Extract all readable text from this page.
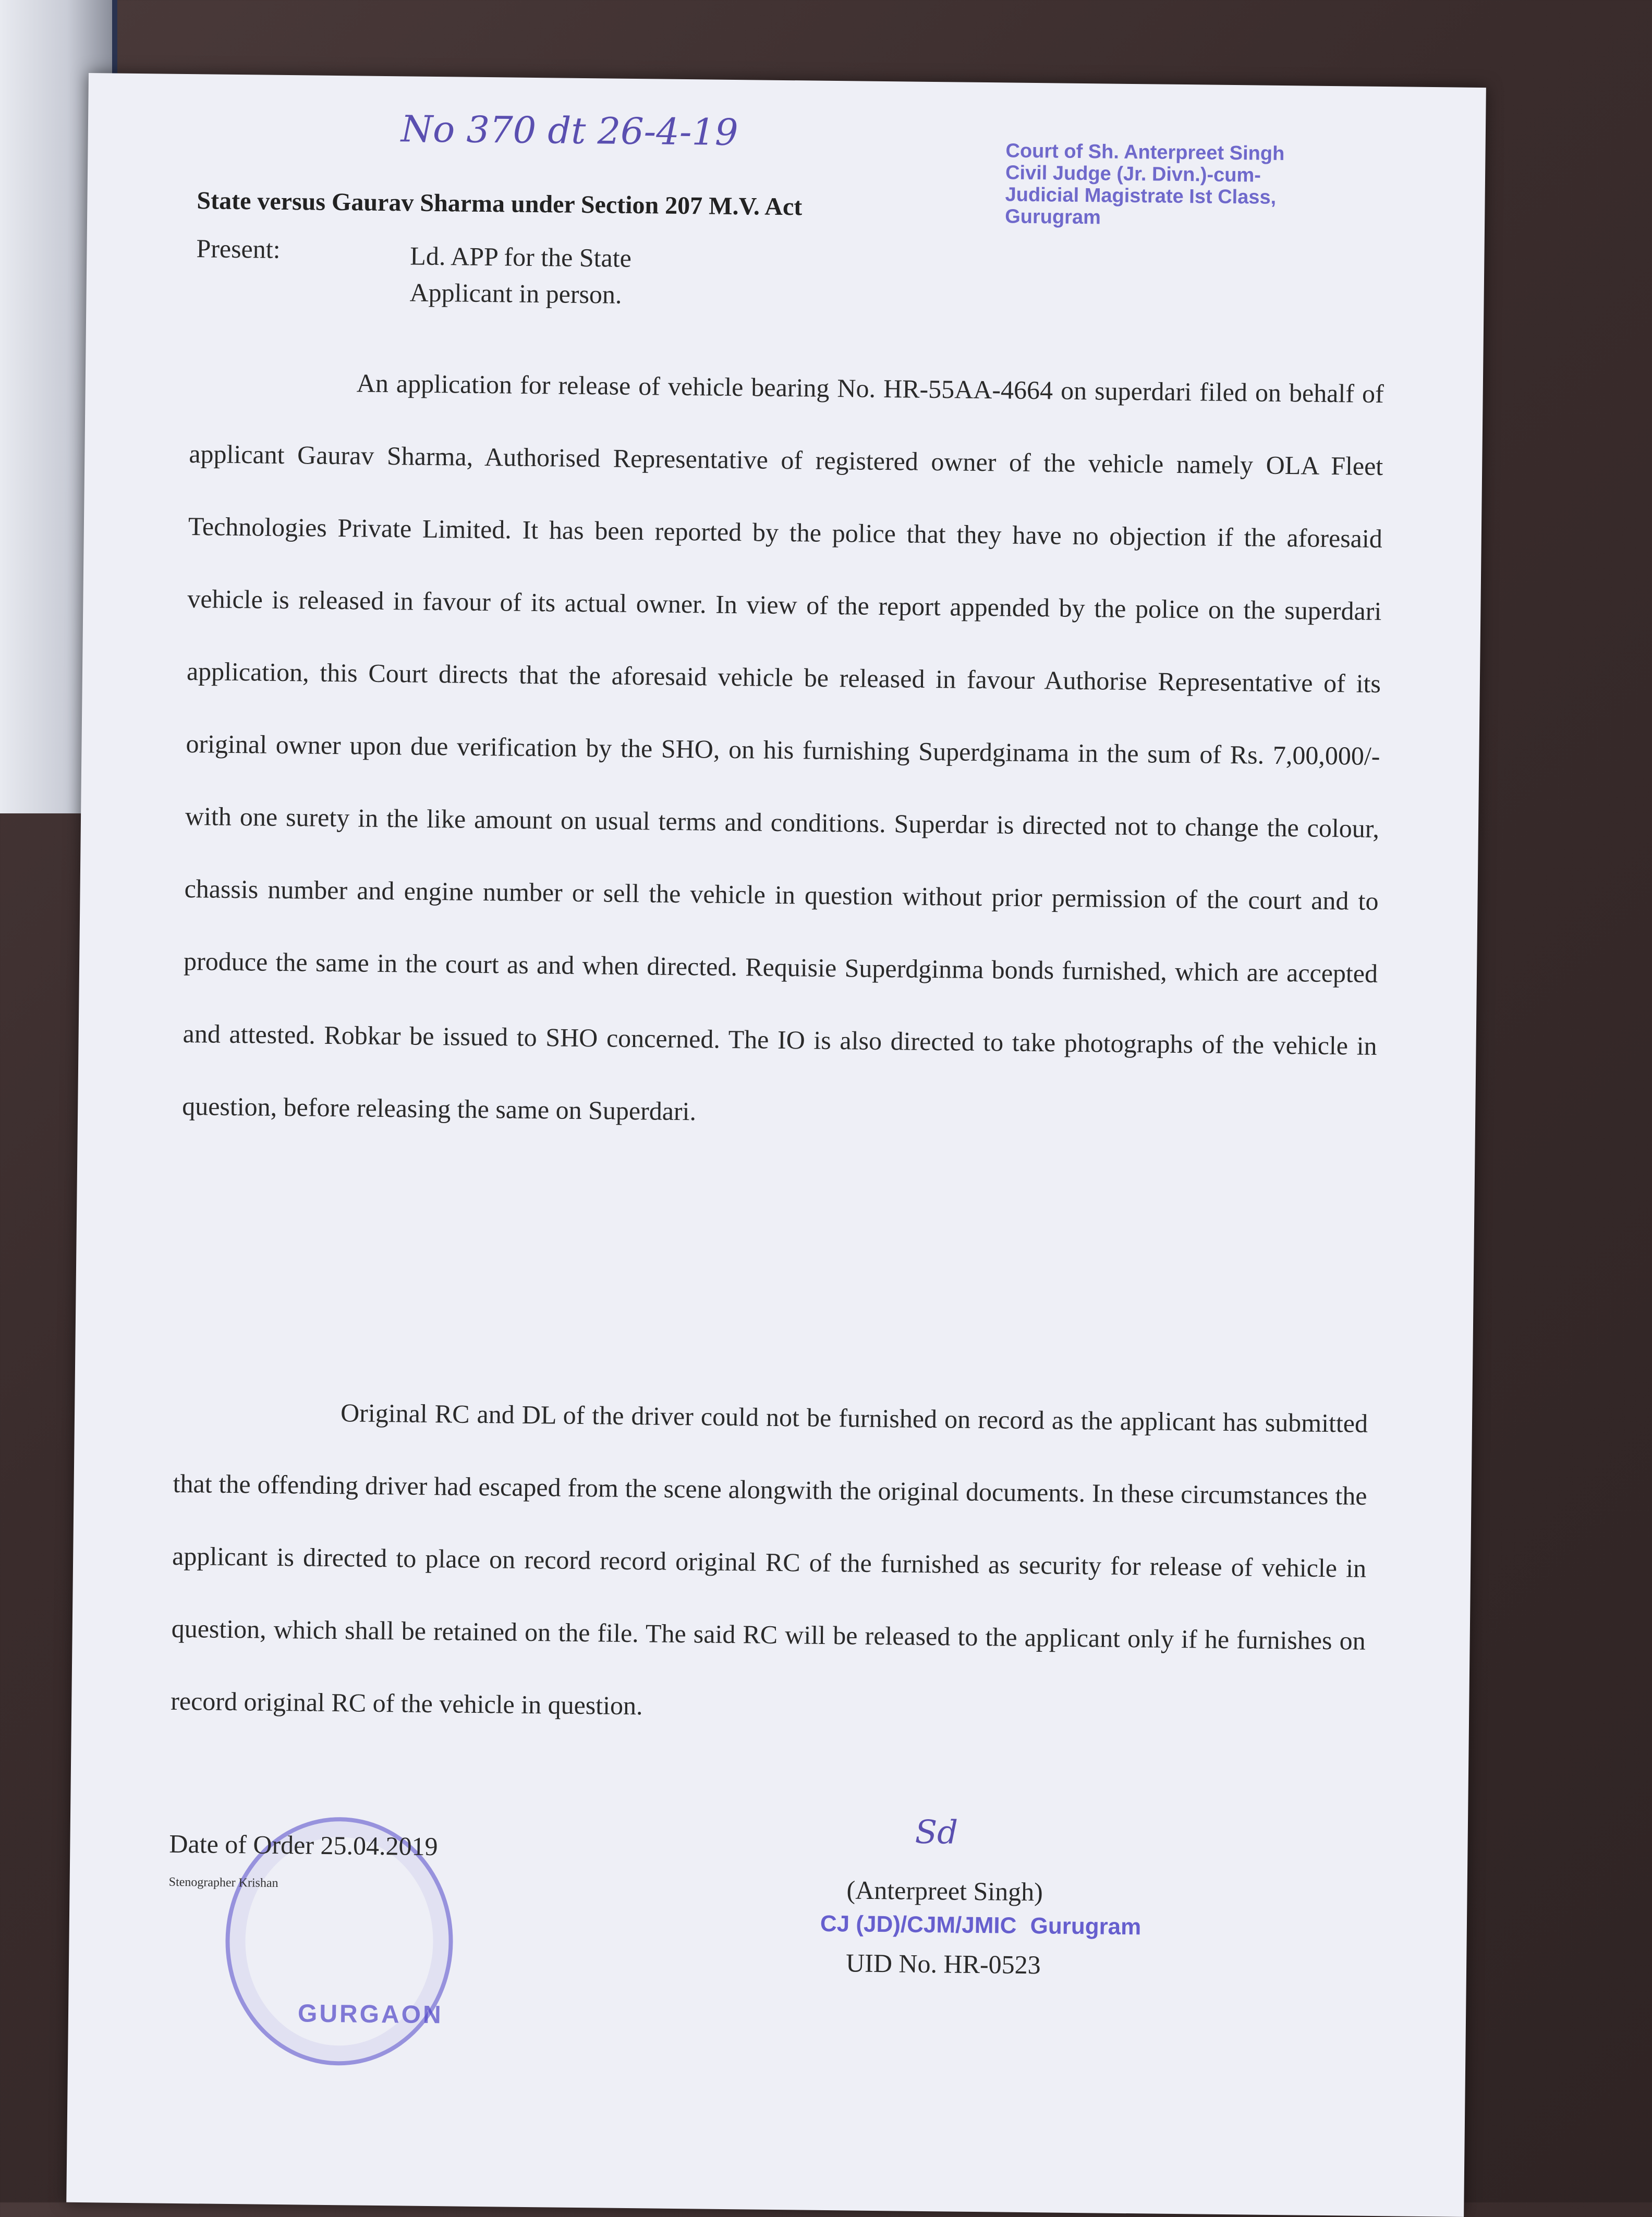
No 370 dt 26-4-19	Court of Sh. Anterpreet Singh
Civil Judge (Jr. Divn.)-cum-
Judicial Magistrate Ist Class,
Gurugram
State versus Gaurav Sharma under Section 207 M.V. Act
Present:	Ld. APP for the State
Applicant in person.

An application for release of vehicle bearing No. HR-55AA-4664 on superdari filed on behalf of applicant Gaurav Sharma, Authorised Representative of registered owner of the vehicle namely OLA Fleet Technologies Private Limited. It has been reported by the police that they have no objection if the aforesaid vehicle is released in favour of its actual owner. In view of the report appended by the police on the superdari application, this Court directs that the aforesaid vehicle be released in favour Authorise Representative of its original owner upon due verification by the SHO, on his furnishing Superdginama in the sum of Rs. 7,00,000/- with one surety in the like amount on usual terms and conditions. Superdar is directed not to change the colour, chassis number and engine number or sell the vehicle in question without prior permission of the court and to produce the same in the court as and when directed. Requisie Superdginma bonds furnished, which are accepted and attested. Robkar be issued to SHO concerned. The IO is also directed to take photographs of the vehicle in question, before releasing the same on Superdari.

Original RC and DL of the driver could not be furnished on record as the applicant has submitted that the offending driver had escaped from the scene alongwith the original documents. In these circumstances the applicant is directed to place on record record original RC of the furnished as security for release of vehicle in question, which shall be retained on the file. The said RC will be released to the applicant only if he furnishes on record original RC of the vehicle in question.

GURGAON
Date of Order 25.04.2019
Stenographer Krishan
Sd
(Anterpreet Singh)
CJ (JD)/CJM/JMIC Gurugram
UID No. HR-0523
